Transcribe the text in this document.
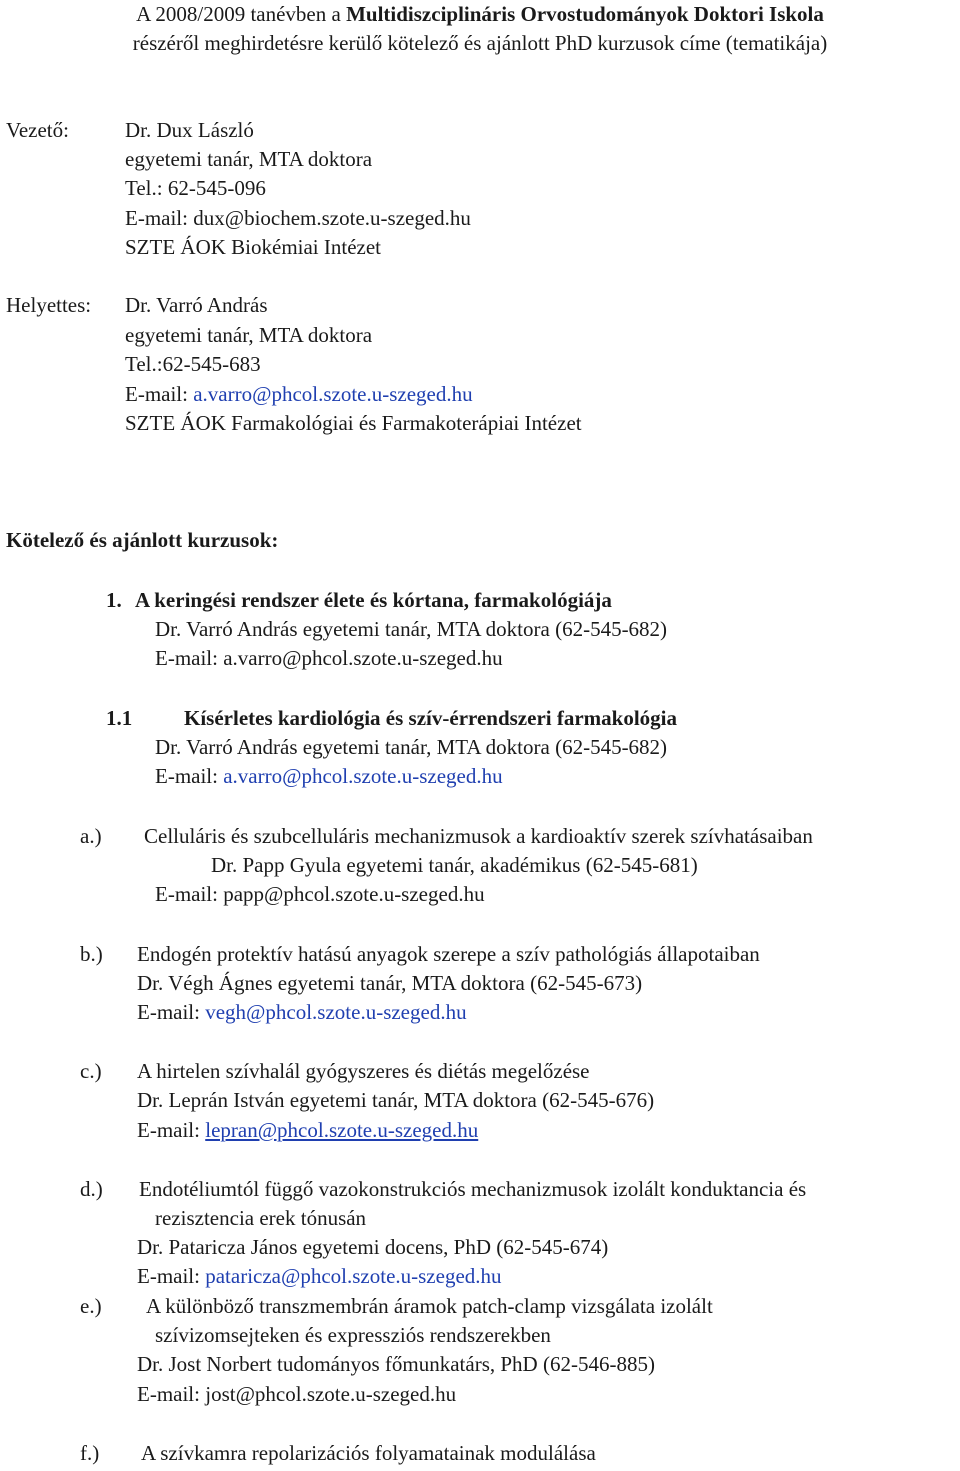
A 2008/2009 tanévben a Multidiszciplináris Orvostudományok Doktori Iskola
részéről meghirdetésre kerülő kötelező és ajánlott PhD kurzusok címe (tematikája)
Vezető:	Dr. Dux László
egyetemi tanár, MTA doktora
Tel.: 62-545-096
E-mail: dux@biochem.szote.u-szeged.hu
SZTE ÁOK Biokémiai Intézet
Helyettes: Dr. Varró András
egyetemi tanár, MTA doktora
Tel.:62-545-683
E-mail: a.varro@phcol.szote.u-szeged.hu
SZTE ÁOK Farmakológiai és Farmakoterápiai Intézet
Kötelező és ajánlott kurzusok:
1. A keringési rendszer élete és kórtana, farmakológiája
Dr. Varró András egyetemi tanár, MTA doktora (62-545-682)
E-mail: a.varro@phcol.szote.u-szeged.hu
1.1 Kísérletes kardiológia és szív-érrendszeri farmakológia
Dr. Varró András egyetemi tanár, MTA doktora (62-545-682)
E-mail: a.varro@phcol.szote.u-szeged.hu
a.) Celluláris és szubcelluláris mechanizmusok a kardioaktív szerek szívhatásaiban
Dr. Papp Gyula egyetemi tanár, akadémikus (62-545-681)
E-mail: papp@phcol.szote.u-szeged.hu
b.) Endogén protektív hatású anyagok szerepe a szív pathológiás állapotaiban
Dr. Végh Ágnes egyetemi tanár, MTA doktora (62-545-673)
E-mail: vegh@phcol.szote.u-szeged.hu
c.) A hirtelen szívhalál gyógyszeres és diétás megelőzése
Dr. Leprán István egyetemi tanár, MTA doktora (62-545-676)
E-mail: lepran@phcol.szote.u-szeged.hu
d.) Endotéliumtól függő vazokonstrukciós mechanizmusok izolált konduktancia és
rezisztencia erek tónusán
Dr. Pataricza János egyetemi docens, PhD (62-545-674)
E-mail: pataricza@phcol.szote.u-szeged.hu
e.) A különböző transzmembrán áramok patch-clamp vizsgálata izolált
szívizomsejteken és expressziós rendszerekben
Dr. Jost Norbert tudományos főmunkatárs, PhD (62-546-885)
E-mail: jost@phcol.szote.u-szeged.hu
f.) A szívkamra repolarizációs folyamatainak modulálása
